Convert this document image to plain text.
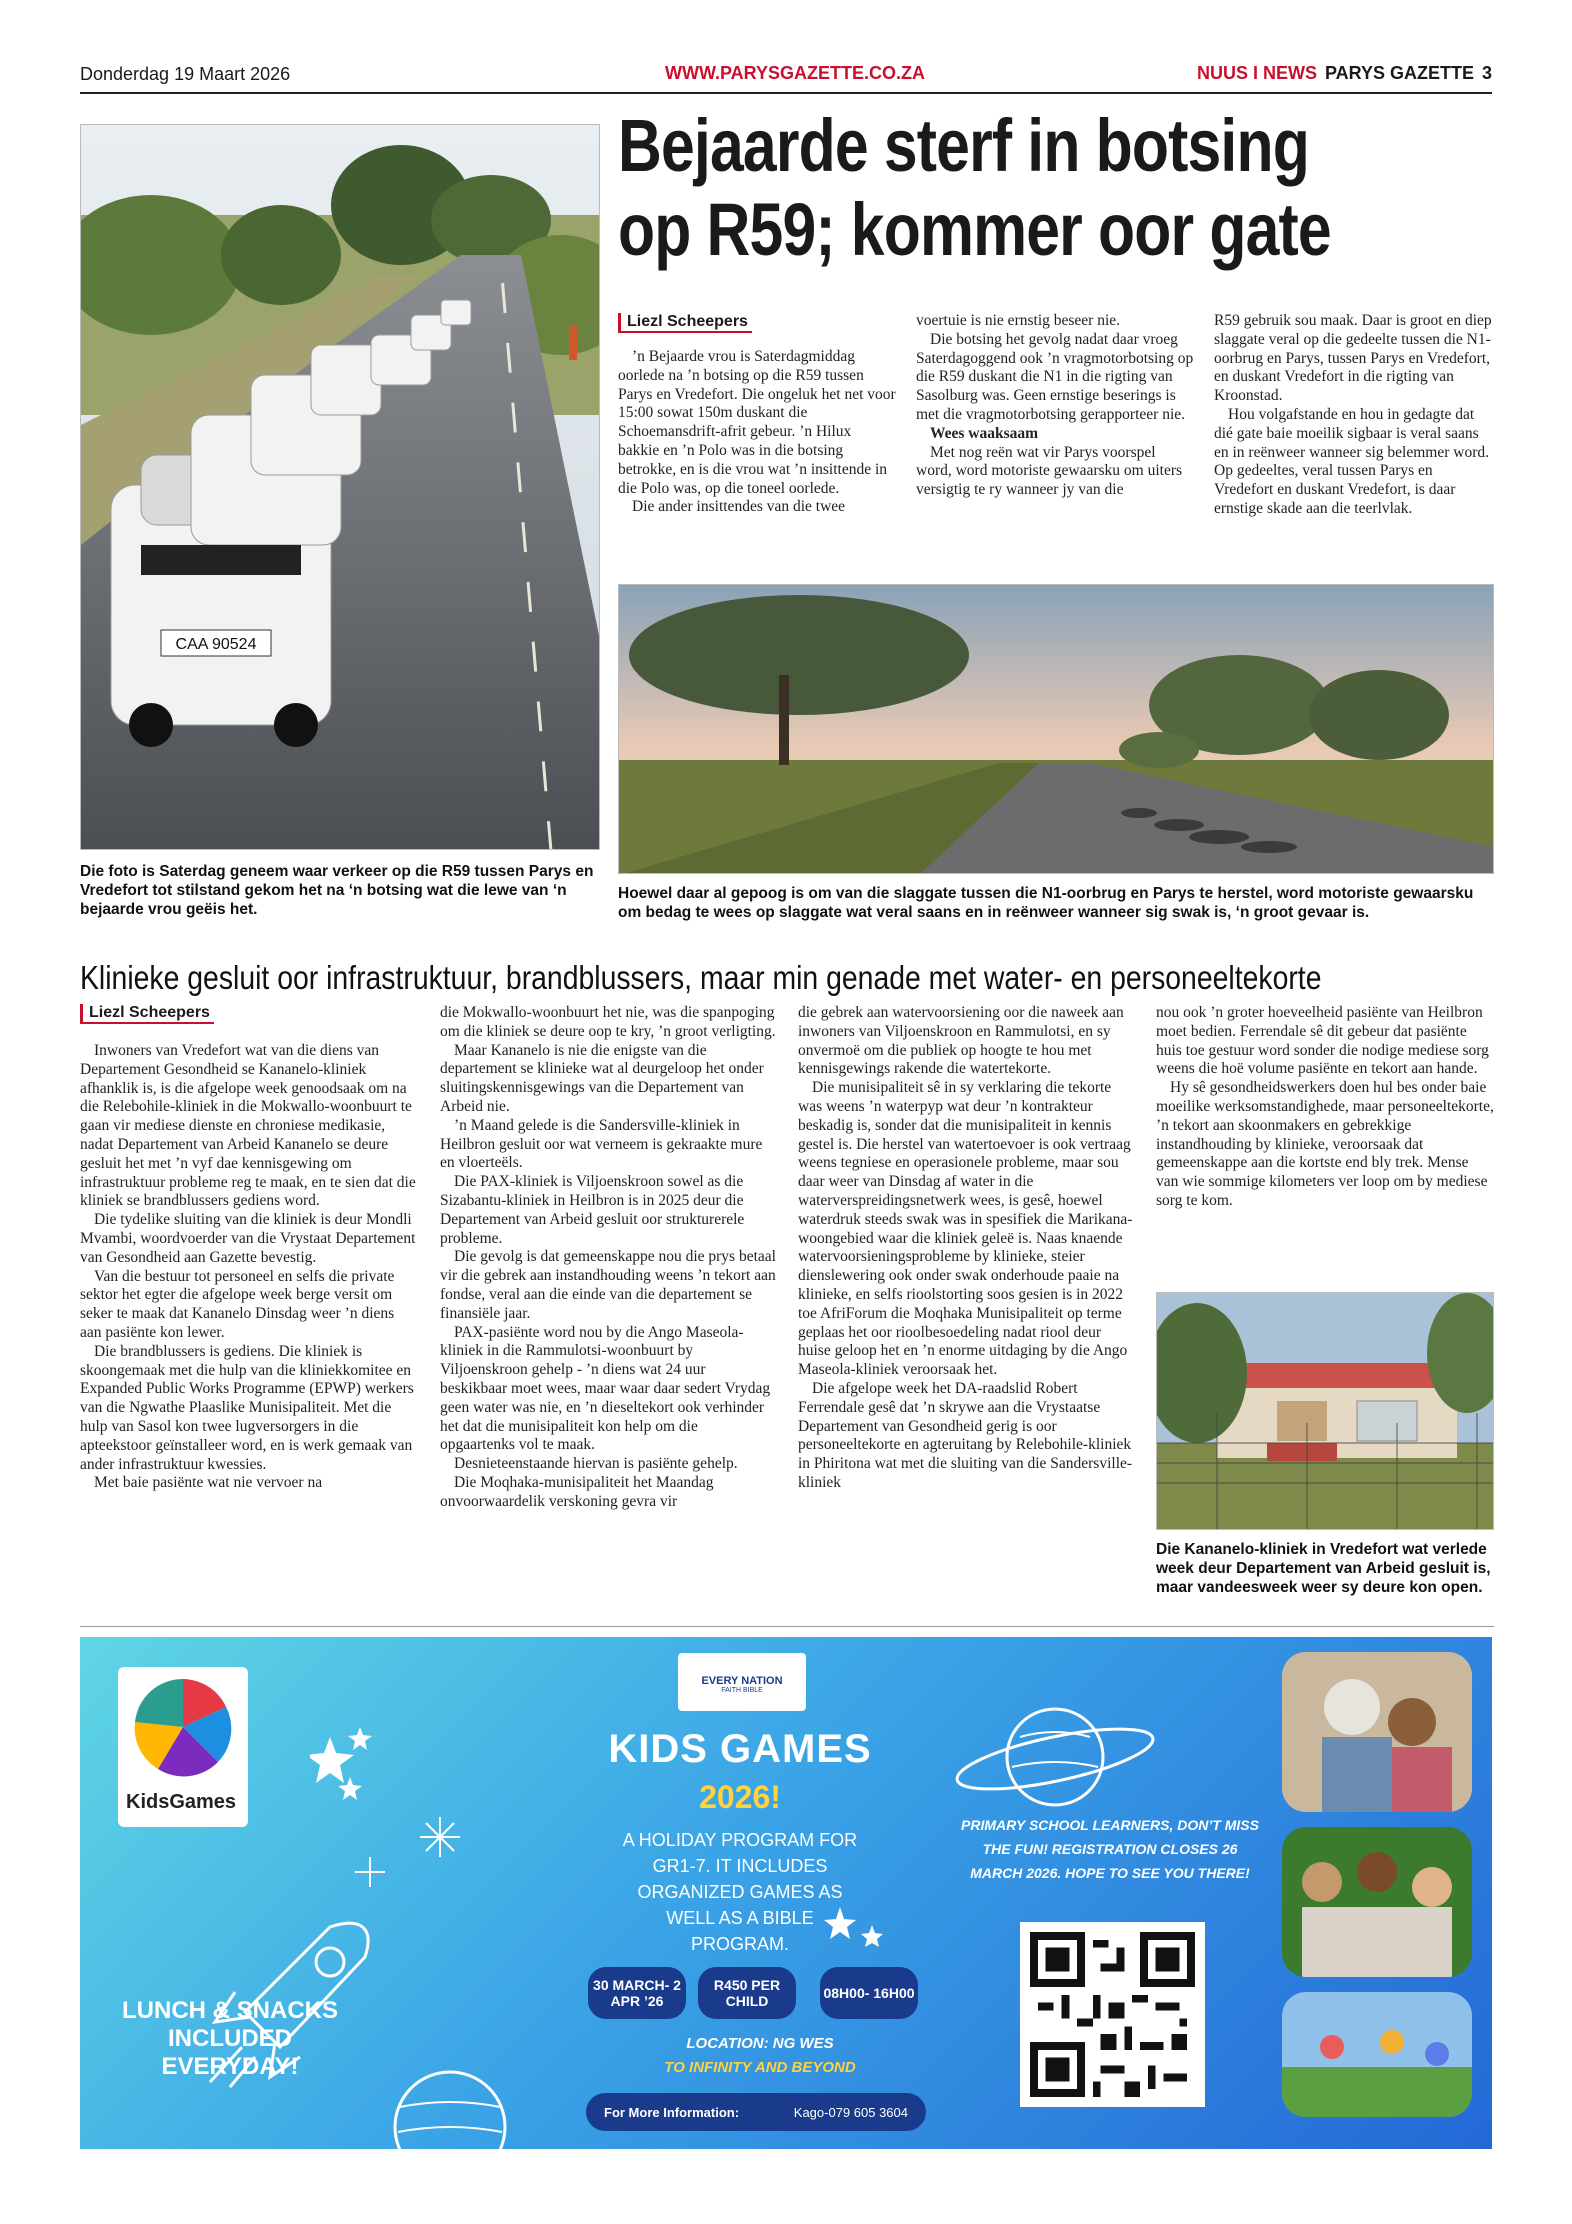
Donderdag 19 Maart 2026	WWW.PARYSGAZETTE.CO.ZA	NUUS I NEWS PARYS GAZETTE 3
CAA 90524
Die foto is Saterdag geneem waar verkeer op die R59 tussen Parys en Vredefort tot stilstand gekom het na ‘n botsing wat die lewe van ‘n bejaarde vrou geëis het.
Bejaarde sterf in botsing
op R59; kommer oor gate
Liezl Scheepers

’n Bejaarde vrou is Saterdagmiddag oorlede na ’n botsing op die R59 tussen Parys en Vredefort. Die ongeluk het net voor 15:00 sowat 150m duskant die Schoemansdrift-afrit gebeur. ’n Hilux bakkie en ’n Polo was in die botsing betrokke, en is die vrou wat ’n insittende in die Polo was, op die toneel oorlede.

Die ander insittendes van die twee

voertuie is nie ernstig beseer nie.

Die botsing het gevolg nadat daar vroeg Saterdagoggend ook ’n vragmotorbotsing op die R59 duskant die N1 in die rigting van Sasolburg was. Geen ernstige beserings is met die vragmotorbotsing gerapporteer nie.

Wees waaksaam

Met nog reën wat vir Parys voorspel word, word motoriste gewaarsku om uiters versigtig te ry wanneer jy van die

R59 gebruik sou maak. Daar is groot en diep slaggate veral op die gedeelte tussen die N1-oorbrug en Parys, tussen Parys en Vredefort, en duskant Vredefort in die rigting van Kroonstad.

Hou volgafstande en hou in gedagte dat dié gate baie moeilik sigbaar is veral saans en in reënweer wanneer sig belemmer word. Op gedeeltes, veral tussen Parys en Vredefort en duskant Vredefort, is daar ernstige skade aan die teerlvlak.

Hoewel daar al gepoog is om van die slaggate tussen die N1-oorbrug en Parys te herstel, word motoriste gewaarsku om bedag te wees op slaggate wat veral saans en in reënweer wanneer sig swak is, ‘n groot gevaar is.
Klinieke gesluit oor infrastruktuur, brandblussers, maar min genade met water- en personeeltekorte
Liezl Scheepers

Inwoners van Vredefort wat van die diens van Departement Gesondheid se Kananelo-kliniek afhanklik is, is die afgelope week genoodsaak om na die Relebohile-kliniek in die Mokwallo-woonbuurt te gaan vir mediese dienste en chroniese medikasie, nadat Departement van Arbeid Kananelo se deure gesluit het met ’n vyf dae kennisgewing om infrastruktuur probleme reg te maak, en te sien dat die kliniek se brandblussers gediens word.

Die tydelike sluiting van die kliniek is deur Mondli Mvambi, woordvoerder van die Vrystaat Departement van Gesondheid aan Gazette bevestig.

Van die bestuur tot personeel en selfs die private sektor het egter die afgelope week berge versit om seker te maak dat Kananelo Dinsdag weer ’n diens aan pasiënte kon lewer.

Die brandblussers is gediens. Die kliniek is skoongemaak met die hulp van die kliniekkomitee en Expanded Public Works Programme (EPWP) werkers van die Ngwathe Plaaslike Munisipaliteit. Met die hulp van Sasol kon twee lugversorgers in die apteekstoor geïnstalleer word, en is werk gemaak van ander infrastruktuur kwessies.

Met baie pasiënte wat nie vervoer na

die Mokwallo-woonbuurt het nie, was die spanpoging om die kliniek se deure oop te kry, ’n groot verligting.

Maar Kananelo is nie die enigste van die departement se klinieke wat al deurgeloop het onder sluitingskennisgewings van die Departement van Arbeid nie.

’n Maand gelede is die Sandersville-kliniek in Heilbron gesluit oor wat verneem is gekraakte mure en vloerteëls.

Die PAX-kliniek is Viljoenskroon sowel as die Sizabantu-kliniek in Heilbron is in 2025 deur die Departement van Arbeid gesluit oor strukturerele probleme.

Die gevolg is dat gemeenskappe nou die prys betaal vir die gebrek aan instandhouding weens ’n tekort aan fondse, veral aan die einde van die departement se finansiële jaar.

PAX-pasiënte word nou by die Ango Maseola-kliniek in die Rammulotsi-woonbuurt by Viljoenskroon gehelp - ’n diens wat 24 uur beskikbaar moet wees, maar waar daar sedert Vrydag geen water was nie, en ’n dieseltekort ook verhinder het dat die munisipaliteit kon help om die opgaartenks vol te maak.

Desnieteenstaande hiervan is pasiënte gehelp.

Die Moqhaka-munisipaliteit het Maandag onvoorwaardelik verskoning gevra vir

die gebrek aan watervoorsiening oor die naweek aan inwoners van Viljoenskroon en Rammulotsi, en sy onvermoë om die publiek op hoogte te hou met kennisgewings rakende die watertekorte.

Die munisipaliteit sê in sy verklaring die tekorte was weens ’n waterpyp wat deur ’n kontrakteur beskadig is, sonder dat die munisipaliteit in kennis gestel is. Die herstel van watertoevoer is ook vertraag weens tegniese en operasionele probleme, maar sou daar weer van Dinsdag af water in die waterverspreidingsnetwerk wees, is gesê, hoewel waterdruk steeds swak was in spesifiek die Marikana-woongebied waar die kliniek geleë is. Naas knaende watervoorsieningsprobleme by klinieke, steier dienslewering ook onder swak onderhoude paaie na klinieke, en selfs rioolstorting soos gesien is in 2022 toe AfriForum die Moqhaka Munisipaliteit op terme geplaas het oor rioolbesoedeling nadat riool deur huise geloop het en ’n enorme uitdaging by die Ango Maseola-kliniek veroorsaak het.

Die afgelope week het DA-raadslid Robert Ferrendale gesê dat ’n skrywe aan die Vrystaatse Departement van Gesondheid gerig is oor personeeltekorte en agteruitang by Relebohile-kliniek in Phiritona wat met die sluiting van die Sandersville-kliniek

nou ook ’n groter hoeveelheid pasiënte van Heilbron moet bedien. Ferrendale sê dit gebeur dat pasiënte huis toe gestuur word sonder die nodige mediese sorg weens die hoë volume pasiënte en tekort aan hande.

Hy sê gesondheidswerkers doen hul bes onder baie moeilike werksomstandighede, maar personeeltekorte, ’n tekort aan skoonmakers en gebrekkige instandhouding by klinieke, veroorsaak dat gemeenskappe aan die kortste end bly trek. Mense van wie sommige kilometers ver loop om by mediese sorg te kom.

Die Kananelo-kliniek in Vredefort wat verlede week deur Departement van Arbeid gesluit is, maar vandeesweek weer sy deure kon open.
KidsGames
LUNCH & SNACKS INCLUDED EVERYDAY!
EVERY NATION
FAITH BIBLE
KIDS GAMES
2026!
A HOLIDAY PROGRAM FOR GR1-7. IT INCLUDES ORGANIZED GAMES AS WELL AS A BIBLE PROGRAM.
30 MARCH- 2 APR ’26
R450 PER CHILD	08H00- 16H00
LOCATION: NG WES
TO INFINITY AND BEYOND
For More Information:	Kago-079 605 3604
PRIMARY SCHOOL LEARNERS, DON’T MISS THE FUN! REGISTRATION CLOSES 26 MARCH 2026. HOPE TO SEE YOU THERE!
